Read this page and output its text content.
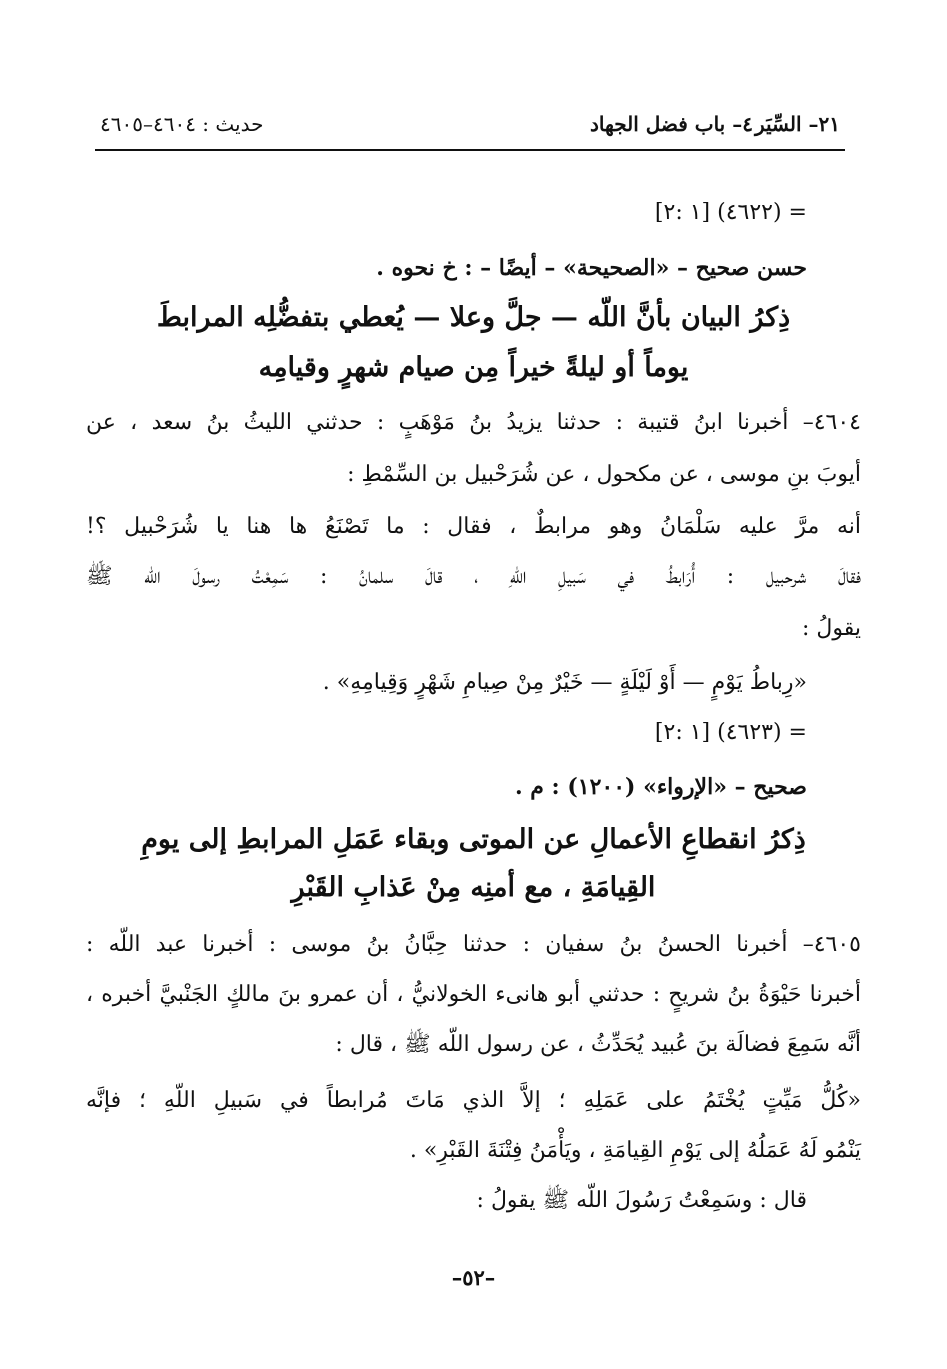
حديث : ٤٦٠٤–٤٦٠٥	٤– باب فضل الجهاد ٢١– السِّيَر
= (٤٦٢٢) [١ :٢]
حسن صحيح – «الصحيحة» – أيضًا – : خ نحوه .
ذِكرُ البيان بأنَّ اللّه — جلَّ وعلا — يُعطي بتفضُّلِه المرابطَ
يوماً أو ليلةً خيراً مِن صيام شهرٍ وقيامِه
٤٦٠٤– أخبرنا ابنُ قتيبة : حدثنا يزيدُ بنُ مَوْهَبٍ : حدثني الليثُ بنُ سعد ، عن
أيوبَ بنِ موسى ، عن مكحول ، عن شُرَحْبيل بن السِّمْطِ :
أنه مرَّ عليه سَلْمَانُ وهو مرابطٌ ، فقال : ما تَصْنَعُ ها هنا يا شُرَحْبيل ؟!
فقالَ شرحبيل : أُرَابطُ في سَبيلِ اللّهِ ، قالَ سلمانُ : سَمِعْتُ رسولَ اللّه ﷺ
يقولُ :
«رِباطُ يَوْمٍ — أَوْ لَيْلَةٍ — خَيْرٌ مِنْ صِيامِ شَهْرٍ وَقِيامِهِ» .
= (٤٦٢٣) [١ :٢]
صحيح – «الإرواء» (١٢٠٠) : م .
ذِكرُ انقطاعِ الأعمالِ عن الموتى وبقاء عَمَلِ المرابطِ إلى يومِ
القِيامَةِ ، مع أمنِه مِنْ عَذابِ القَبْرِ
٤٦٠٥– أخبرنا الحسنُ بنُ سفيان : حدثنا حِبَّانُ بنُ موسى : أخبرنا عبد اللّه :
أخبرنا حَيْوَةُ بنُ شريحٍ : حدثني أبو هانىء الخولانيُّ ، أن عمرو بنَ مالكٍ الجَنْبيَّ أخبره ،
أنَّه سَمِعَ فضالَة بنَ عُبيد يُحَدِّثُ ، عن رسول اللّه ﷺ ، قال :
«كُلُّ مَيِّتٍ يُخْتَمُ على عَمَلِهِ ؛ إلاَّ الذي مَاتَ مُرابطاً في سَبيلِ اللّهِ ؛ فإنَّه
يَنْمُو لَهُ عَمَلُهُ إلى يَوْمِ القِيامَةِ ، ويَأْمَنُ فِتْنَةَ القَبْرِ» .
قال : وسَمِعْتُ رَسُولَ اللّه ﷺ يقولُ :
–٥٢–
